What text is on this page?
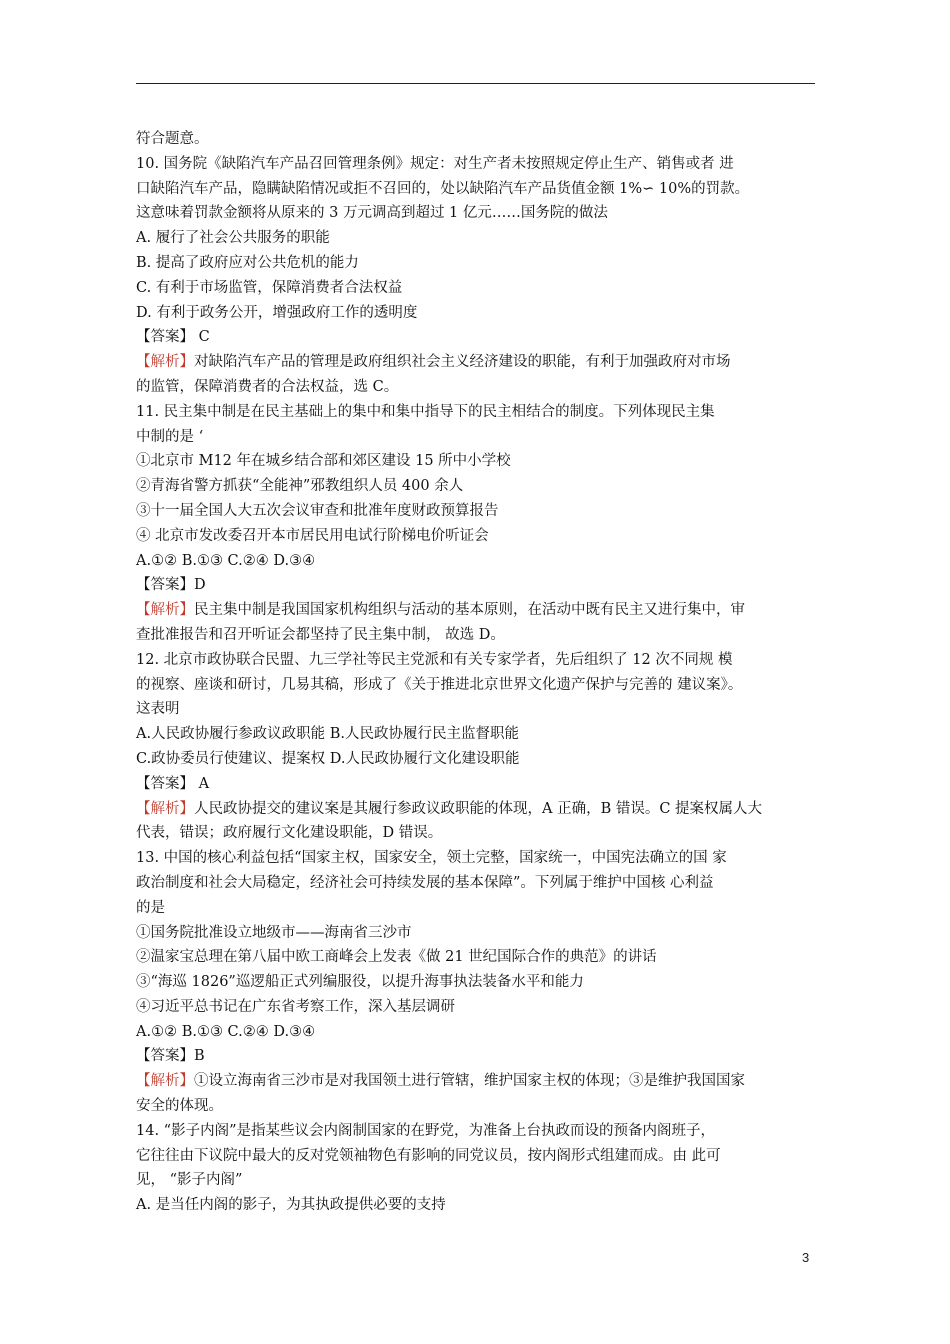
符合题意。
10. 国务院《缺陷汽车产品召回管理条例》规定：对生产者未按照规定停止生产、销售或者 进
口缺陷汽车产品，隐瞒缺陷情况或拒不召回的，处以缺陷汽车产品货值金额 1%∽ 10%的罚款。
这意味着罚款金额将从原来的 3 万元调高到超过 1 亿元……国务院的做法
A. 履行了社会公共服务的职能
B. 提高了政府应对公共危机的能力
C. 有利于市场监管，保障消费者合法权益
D. 有利于政务公开，增强政府工作的透明度
【答案】 C
【解析】对缺陷汽车产品的管理是政府组织社会主义经济建设的职能，有利于加强政府对市场
的监管，保障消费者的合法权益，选 C。
11. 民主集中制是在民主基础上的集中和集中指导下的民主相结合的制度。下列体现民主集
中制的是 ‘
①北京市 M12 年在城乡结合部和郊区建设 15 所中小学校
②青海省警方抓获“全能神”邪教组织人员 400 余人
③十一届全国人大五次会议审查和批准年度财政预算报告
④ 北京市发改委召开本市居民用电试行阶梯电价听证会
A.①② B.①③ C.②④ D.③④
【答案】D
【解析】民主集中制是我国国家机构组织与活动的基本原则，在活动中既有民主又进行集中，审
查批准报告和召开听证会都坚持了民主集中制， 故选 D。
12. 北京市政协联合民盟、九三学社等民主党派和有关专家学者，先后组织了 12 次不同规 模
的视察、座谈和研讨，几易其稿，形成了《关于推进北京世界文化遗产保护与完善的 建议案》。
这表明
A.人民政协履行参政议政职能 B.人民政协履行民主监督职能
C.政协委员行使建议、提案权 D.人民政协履行文化建设职能
【答案】 A
【解析】人民政协提交的建议案是其履行参政议政职能的体现，A 正确，B 错误。C 提案权属人大
代表，错误；政府履行文化建设职能，D 错误。
13. 中国的核心利益包括“国家主权，国家安全，领土完整，国家统一，中国宪法确立的国 家
政治制度和社会大局稳定，经济社会可持续发展的基本保障”。下列属于维护中国核 心利益
的是
①国务院批准设立地级市——海南省三沙市
②温家宝总理在第八届中欧工商峰会上发表《做 21 世纪国际合作的典范》的讲话
③“海巡 1826”巡逻船正式列编服役，以提升海事执法装备水平和能力
④习近平总书记在广东省考察工作，深入基层调研
A.①② B.①③ C.②④ D.③④
【答案】B
【解析】①设立海南省三沙市是对我国领土进行管辖，维护国家主权的体现；③是维护我国国家
安全的体现。
14. “影子内阁”是指某些议会内阁制国家的在野党，为准备上台执政而设的预备内阁班子，
它往往由下议院中最大的反对党领袖物色有影响的同党议员，按内阁形式组建而成。由 此可
见， “影子内阁”
A. 是当任内阁的影子，为其执政提供必要的支持
3
